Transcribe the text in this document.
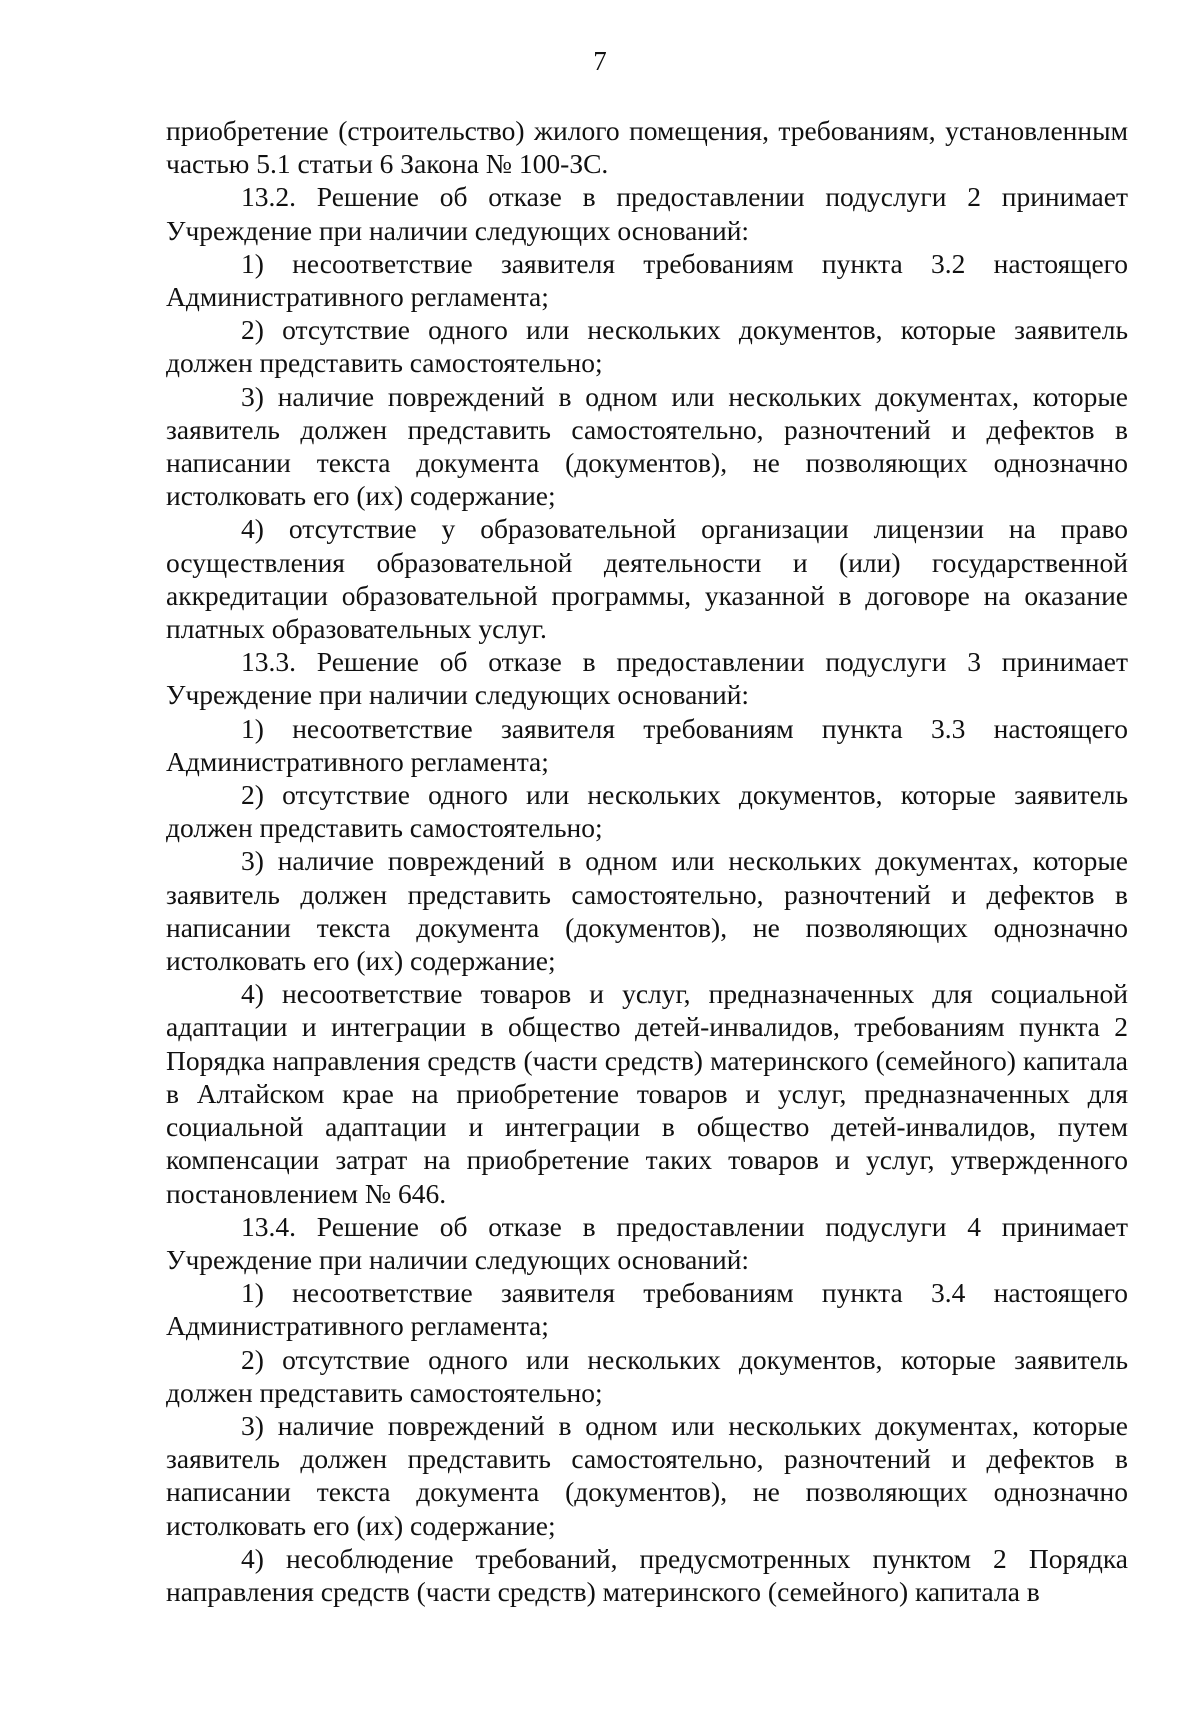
7

приобретение (строительство) жилого помещения, требованиям, установленным частью 5.1 статьи 6 Закона № 100-ЗС.

13.2. Решение об отказе в предоставлении подуслуги 2 принимает Учреждение при наличии следующих оснований:

1) несоответствие заявителя требованиям пункта 3.2 настоящего Административного регламента;

2) отсутствие одного или нескольких документов, которые заявитель должен представить самостоятельно;

3) наличие повреждений в одном или нескольких документах, которые заявитель должен представить самостоятельно, разночтений и дефектов в написании текста документа (документов), не позволяющих однозначно истолковать его (их) содержание;

4) отсутствие у образовательной организации лицензии на право осуществления образовательной деятельности и (или) государственной аккредитации образовательной программы, указанной в договоре на оказание платных образовательных услуг.

13.3. Решение об отказе в предоставлении подуслуги 3 принимает Учреждение при наличии следующих оснований:

1) несоответствие заявителя требованиям пункта 3.3 настоящего Административного регламента;

2) отсутствие одного или нескольких документов, которые заявитель должен представить самостоятельно;

3) наличие повреждений в одном или нескольких документах, которые заявитель должен представить самостоятельно, разночтений и дефектов в написании текста документа (документов), не позволяющих однозначно истолковать его (их) содержание;

4) несоответствие товаров и услуг, предназначенных для социальной адаптации и интеграции в общество детей-инвалидов, требованиям пункта 2 Порядка направления средств (части средств) материнского (семейного) капитала в Алтайском крае на приобретение товаров и услуг, предназначенных для социальной адаптации и интеграции в общество детей-инвалидов, путем компенсации затрат на приобретение таких товаров и услуг, утвержденного постановлением № 646.

13.4. Решение об отказе в предоставлении подуслуги 4 принимает Учреждение при наличии следующих оснований:

1) несоответствие заявителя требованиям пункта 3.4 настоящего Административного регламента;

2) отсутствие одного или нескольких документов, которые заявитель должен представить самостоятельно;

3) наличие повреждений в одном или нескольких документах, которые заявитель должен представить самостоятельно, разночтений и дефектов в написании текста документа (документов), не позволяющих однозначно истолковать его (их) содержание;

4) несоблюдение требований, предусмотренных пунктом 2 Порядка направления средств (части средств) материнского (семейного) капитала в
